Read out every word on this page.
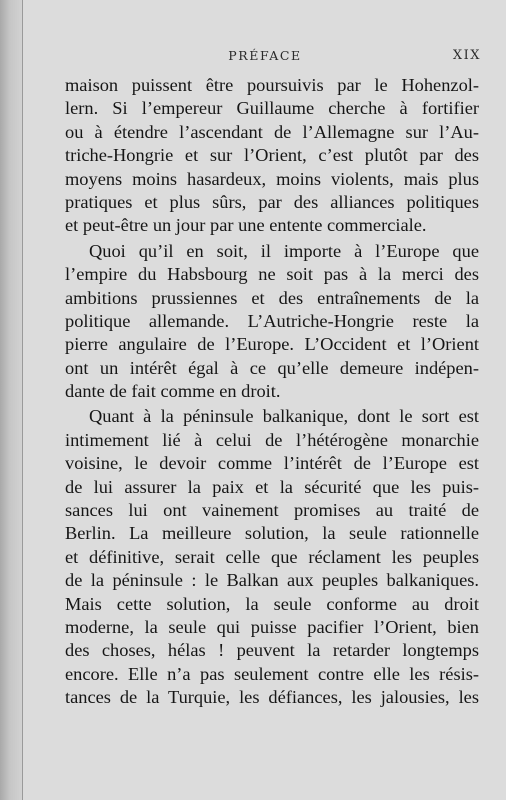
PRÉFACE	XIX
maison puissent être poursuivis par le Hohenzol-
lern. Si l’empereur Guillaume cherche à fortifier
ou à étendre l’ascendant de l’Allemagne sur l’Au-
triche-Hongrie et sur l’Orient, c’est plutôt par des
moyens moins hasardeux, moins violents, mais plus
pratiques et plus sûrs, par des alliances politiques
et peut-être un jour par une entente commerciale.
Quoi qu’il en soit, il importe à l’Europe que
l’empire du Habsbourg ne soit pas à la merci des
ambitions prussiennes et des entraînements de la
politique allemande. L’Autriche-Hongrie reste la
pierre angulaire de l’Europe. L’Occident et l’Orient
ont un intérêt égal à ce qu’elle demeure indépen-
dante de fait comme en droit.
Quant à la péninsule balkanique, dont le sort est
intimement lié à celui de l’hétérogène monarchie
voisine, le devoir comme l’intérêt de l’Europe est
de lui assurer la paix et la sécurité que les puis-
sances lui ont vainement promises au traité de
Berlin. La meilleure solution, la seule rationnelle
et définitive, serait celle que réclament les peuples
de la péninsule : le Balkan aux peuples balkaniques.
Mais cette solution, la seule conforme au droit
moderne, la seule qui puisse pacifier l’Orient, bien
des choses, hélas ! peuvent la retarder longtemps
encore. Elle n’a pas seulement contre elle les résis-
tances de la Turquie, les défiances, les jalousies, les
